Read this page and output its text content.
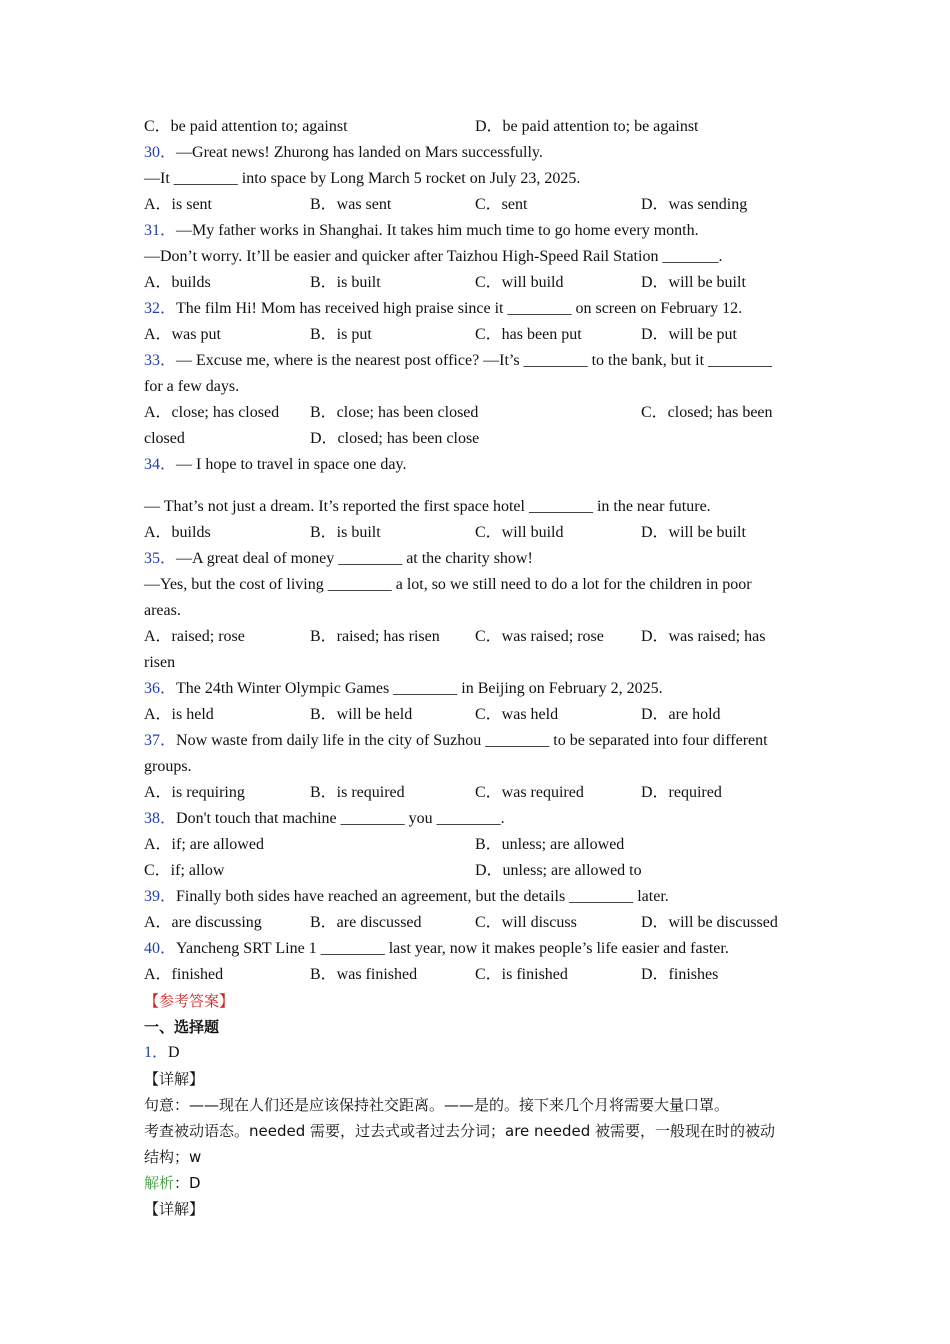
C．be paid attention to; against	D．be paid attention to; be against
30．—Great news! Zhurong has landed on Mars successfully.
—It ________ into space by Long March 5 rocket on July 23, 2025.
A．is sent	B．was sent	C．sent	D．was sending
31．—My father works in Shanghai. It takes him much time to go home every month.
—Don’t worry. It’ll be easier and quicker after Taizhou High-Speed Rail Station _______.
A．builds	B．is built	C．will build	D．will be built
32．The film Hi! Mom has received high praise since it ________ on screen on February 12.
A．was put	B．is put	C．has been put	D．will be put
33．— Excuse me, where is the nearest post office? —It’s ________ to the bank, but it ________
for a few days.
A．close; has closed B．close; has been closed	C．closed; has been
closed	D．closed; has been close
34．— I hope to travel in space one day.
— That’s not just a dream. It’s reported the first space hotel ________ in the near future.
A．builds	B．is built	C．will build	D．will be built
35．—A great deal of money ________ at the charity show!
—Yes, but the cost of living ________ a lot, so we still need to do a lot for the children in poor
areas.
A．raised; rose	B．raised; has risen C．was raised; rose D．was raised; has
risen
36．The 24th Winter Olympic Games ________ in Beijing on February 2, 2025.
A．is held	B．will be held	C．was held	D．are hold
37．Now waste from daily life in the city of Suzhou ________ to be separated into four different
groups.
A．is requiring	B．is required	C．was required	D．required
38．Don't touch that machine ________ you ________.
A．if; are allowed	B．unless; are allowed
C．if; allow	D．unless; are allowed to
39．Finally both sides have reached an agreement, but the details ________ later.
A．are discussing	B．are discussed	C．will discuss	D．will be discussed
40．Yancheng SRT Line 1 ________ last year, now it makes people’s life easier and faster.
A．finished	B．was finished	C．is finished	D．finishes
【参考答案】
一、选择题
1．D
【详解】
句意：——现在人们还是应该保持社交距离。——是的。接下来几个月将需要大量口罩。
考查被动语态。needed 需要，过去式或者过去分词；are needed 被需要，一般现在时的被动
结构；w
解析：D
【详解】
